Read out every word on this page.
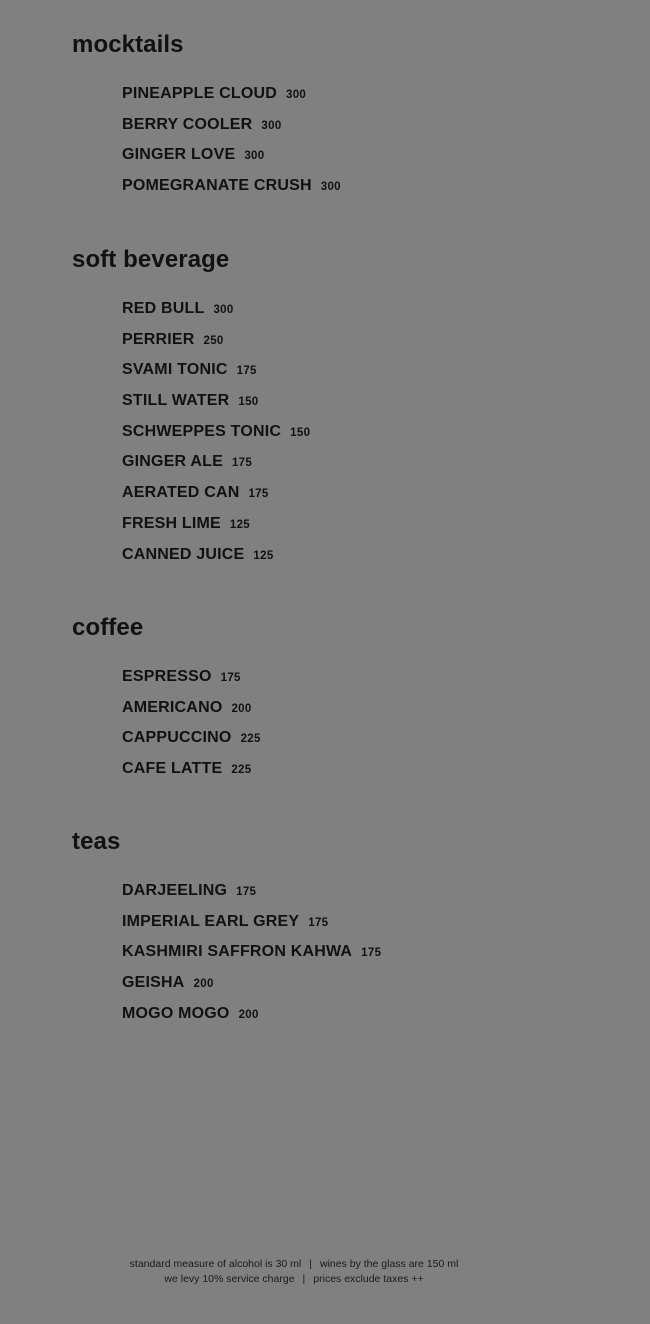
mocktails
PINEAPPLE CLOUD 300
BERRY COOLER 300
GINGER LOVE 300
POMEGRANATE CRUSH 300
soft beverage
RED BULL 300
PERRIER 250
SVAMI TONIC 175
STILL WATER 150
SCHWEPPES TONIC 150
GINGER ALE 175
AERATED CAN 175
FRESH LIME 125
CANNED JUICE 125
coffee
ESPRESSO 175
AMERICANO 200
CAPPUCCINO 225
CAFE LATTE 225
teas
DARJEELING 175
IMPERIAL EARL GREY 175
KASHMIRI SAFFRON KAHWA 175
GEISHA 200
MOGO MOGO 200
standard measure of alcohol is 30 ml | wines by the glass are 150 ml
we levy 10% service charge | prices exclude taxes ++
